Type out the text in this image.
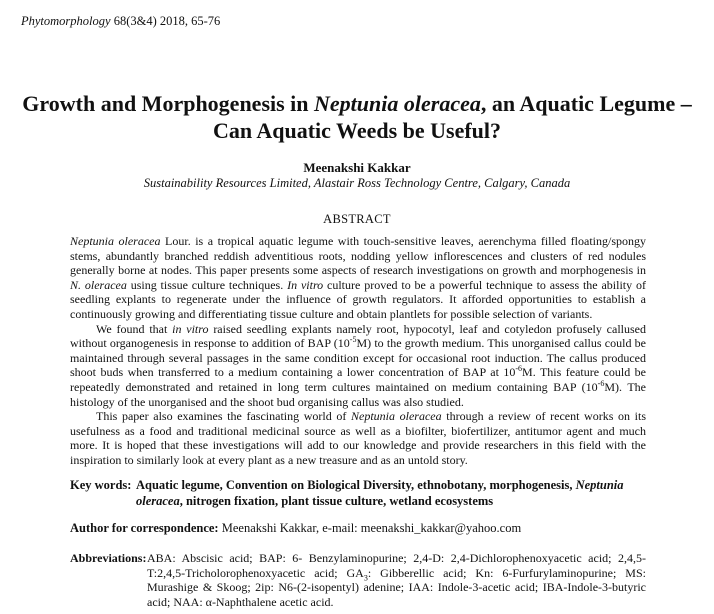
Phytomorphology 68(3&4) 2018, 65-76
Growth and Morphogenesis in Neptunia oleracea, an Aquatic Legume – Can Aquatic Weeds be Useful?
Meenakshi Kakkar
Sustainability Resources Limited, Alastair Ross Technology Centre, Calgary, Canada
ABSTRACT

Neptunia oleracea Lour. is a tropical aquatic legume with touch-sensitive leaves, aerenchyma filled floating/spongy stems, abundantly branched reddish adventitious roots, nodding yellow inflorescences and clusters of red nodules generally borne at nodes. This paper presents some aspects of research investigations on growth and morphogenesis in N. oleracea using tissue culture techniques. In vitro culture proved to be a powerful technique to assess the ability of seedling explants to regenerate under the influence of growth regulators. It afforded opportunities to establish a continuously growing and differentiating tissue culture and obtain plantlets for possible selection of variants.

We found that in vitro raised seedling explants namely root, hypocotyl, leaf and cotyledon profusely callused without organogenesis in response to addition of BAP $(10^{-5}M)$ to the growth medium. This unorganised callus could be maintained through several passages in the same condition except for occasional root induction. The callus produced shoot buds when transferred to a medium containing a lower concentration of BAP at $10^{-6}M$. This feature could be repeatedly demonstrated and retained in long term cultures maintained on medium containing BAP $(10^{-6}M)$. The histology of the unorganised and the shoot bud organising callus was also studied.

This paper also examines the fascinating world of Neptunia oleracea through a review of recent works on its usefulness as a food and traditional medicinal source as well as a biofilter, biofertilizer, antitumor agent and much more. It is hoped that these investigations will add to our knowledge and provide researchers in this field with the inspiration to similarly look at every plant as a new treasure and as an untold story.

Key words: Aquatic legume, Convention on Biological Diversity, ethnobotany, morphogenesis, Neptunia oleracea, nitrogen fixation, plant tissue culture, wetland ecosystems
Author for correspondence: Meenakshi Kakkar, e-mail: meenakshi_kakkar@yahoo.com
Abbreviations: ABA: Abscisic acid; BAP: 6- Benzylaminopurine; 2,4-D: 2,4-Dichlorophenoxyacetic acid; 2,4,5-T:2,4,5-Tricholorophenoxyacetic acid; $GA_3$: Gibberellic acid; Kn: 6-Furfurylaminopurine; MS: Murashige & Skoog; 2ip: N6-(2-isopentyl) adenine; IAA: Indole-3-acetic acid; IBA-Indole-3-butyric acid; NAA: α-Naphthalene acetic acid.
